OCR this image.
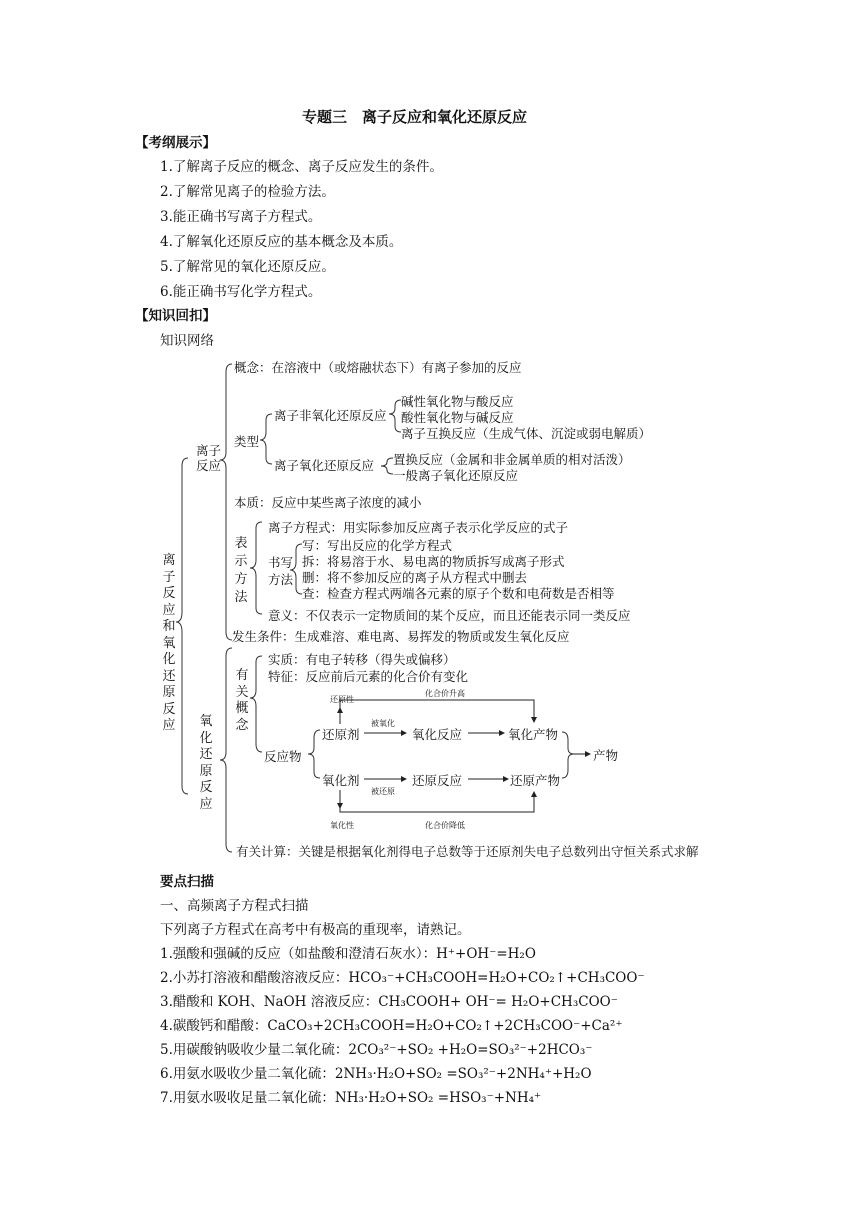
专题三　离子反应和氧化还原反应
【考纲展示】
1.了解离子反应的概念、离子反应发生的条件。
2.了解常见离子的检验方法。
3.能正确书写离子方程式。
4.了解氧化还原反应的基本概念及本质。
5.了解常见的氧化还原反应。
6.能正确书写化学方程式。
【知识回扣】
知识网络
离子反应和氧化还原反应
离子反应
概念：在溶液中（或熔融状态下）有离子参加的反应
类型
离子非氧化还原反应
碱性氧化物与酸反应
酸性氧化物与碱反应
离子互换反应（生成气体、沉淀或弱电解质）
离子氧化还原反应 置换反应（金属和非金属单质的相对活泼）
一般离子氧化还原反应
本质：反应中某些离子浓度的减小
表示方法
离子方程式：用实际参加反应离子表示化学反应的式子
书写
方法
写：写出反应的化学方程式
拆：将易溶于水、易电离的物质拆写成离子形式
删：将不参加反应的离子从方程式中删去
查：检查方程式两端各元素的原子个数和电荷数是否相等
意义：不仅表示一定物质间的某个反应，而且还能表示同一类反应
发生条件：生成难溶、难电离、易挥发的物质或发生氧化反应
氧化还原反应
有关概念
实质：有电子转移（得失或偏移）
特征：反应前后元素的化合价有变化
反应物
还原剂
氧化剂
氧化反应
还原反应
氧化产物
还原产物
产物
还原性
被氧化
化合价升高
被还原
氧化性	化合价降低
有关计算：关键是根据氧化剂得电子总数等于还原剂失电子总数列出守恒关系式求解
要点扫描
一、高频离子方程式扫描
下列离子方程式在高考中有极高的重现率，请熟记。
1.强酸和强碱的反应（如盐酸和澄清石灰水）：H⁺+OH⁻=H₂O
2.小苏打溶液和醋酸溶液反应：HCO₃⁻+CH₃COOH=H₂O+CO₂↑+CH₃COO⁻
3.醋酸和 KOH、NaOH 溶液反应：CH₃COOH+ OH⁻= H₂O+CH₃COO⁻
4.碳酸钙和醋酸：CaCO₃+2CH₃COOH=H₂O+CO₂↑+2CH₃COO⁻+Ca²⁺
5.用碳酸钠吸收少量二氧化硫：2CO₃²⁻+SO₂ +H₂O=SO₃²⁻+2HCO₃⁻
6.用氨水吸收少量二氧化硫：2NH₃·H₂O+SO₂ =SO₃²⁻+2NH₄⁺+H₂O
7.用氨水吸收足量二氧化硫：NH₃·H₂O+SO₂ =HSO₃⁻+NH₄⁺
